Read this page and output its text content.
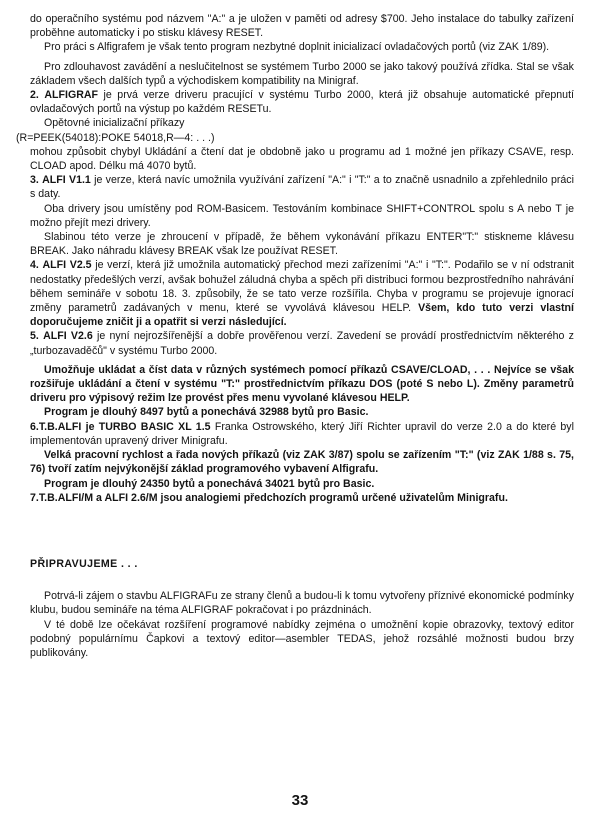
do operačního systému pod názvem "A:" a je uložen v paměti od adresy $700. Jeho instalace do tabulky zařízení proběhne automaticky i po stisku klávesy RESET.

Pro práci s Alfigrafem je však tento program nezbytné doplnit inicializací ovladačových portů (viz ZAK 1/89).

Pro zdlouhavost zavádění a neslučitelnost se systémem Turbo 2000 se jako takový používá zřídka. Stal se však základem všech dalších typů a východiskem kompatibility na Minigraf.

2. ALFIGRAF je prvá verze driveru pracující v systému Turbo 2000, která již obsahuje automatické přepnutí ovladačových portů na výstup po každém RESETu.

Opětovné inicializační příkazy
(R=PEEK(54018):POKE 54018,R—4: . . .)

mohou způsobit chybyl Ukládání a čtení dat je obdobně jako u programu ad 1 možné jen příkazy CSAVE, resp. CLOAD apod. Délku má 4070 bytů.

3. ALFI V1.1 je verze, která navíc umožnila využívání zařízení "A:" i "T:" a to značně usnadnilo a zpřehlednilo práci s daty.

Oba drivery jsou umístěny pod ROM-Basicem. Testováním kombinace SHIFT+CONTROL spolu s A nebo T je možno přejít mezi drivery.

Slabinou této verze je zhroucení v případě, že během vykonávání příkazu ENTER"T:" stiskneme klávesu BREAK. Jako náhradu klávesy BREAK však lze používat RESET.

4. ALFI V2.5 je verzí, která již umožnila automatický přechod mezi zařízeními "A:" i "T:". Podařilo se v ní odstranit nedostatky předešlých verzí, avšak bohužel záludná chyba a spěch při distribuci formou bezprostředního nahrávání během semináře v sobotu 18. 3. způsobily, že se tato verze rozšířila. Chyba v programu se projevuje ignorací změny parametrů zadávaných v menu, které se vyvolává klávesou HELP. Všem, kdo tuto verzi vlastní doporučujeme zničit ji a opatřit si verzi následující.

5. ALFI V2.6 je nyní nejrozšířenější a dobře prověřenou verzí. Zavedení se provádí prostřednictvím některého z „turbozavaděčů" v systému Turbo 2000.

Umožňuje ukládat a číst data v různých systémech pomocí příkazů CSAVE/CLOAD, . . . Nejvíce se však rozšiřuje ukládání a čtení v systému "T:" prostřednictvím příkazu DOS (poté S nebo L). Změny parametrů driveru pro výpisový režim lze provést přes menu vyvolané klávesou HELP.

Program je dlouhý 8497 bytů a ponechává 32988 bytů pro Basic.

6.T.B.ALFI je TURBO BASIC XL 1.5 Franka Ostrowského, který Jiří Richter upravil do verze 2.0 a do které byl implementován upravený driver Minigrafu.

Velká pracovní rychlost a řada nových příkazů (viz ZAK 3/87) spolu se zařízením "T:" (viz ZAK 1/88 s. 75, 76) tvoří zatím nejvýkonější základ programového vybavení Alfigrafu.

Program je dlouhý 24350 bytů a ponechává 34021 bytů pro Basic.

7.T.B.ALFI/M a ALFI 2.6/M jsou analogiemi předchozích programů určené uživatelům Minigrafu.

PŘIPRAVUJEME . . .

Potrvá-li zájem o stavbu ALFIGRAFu ze strany členů a budou-li k tomu vytvořeny příznivé ekonomické podmínky klubu, budou semináře na téma ALFIGRAF pokračovat i po prázdninách.

V té době lze očekávat rozšíření programové nabídky zejména o umožnění kopie obrazovky, textový editor podobný populárnímu Čapkovi a textový editor—asembler TEDAS, jehož rozsáhlé možnosti budou brzy publikovány.

33
